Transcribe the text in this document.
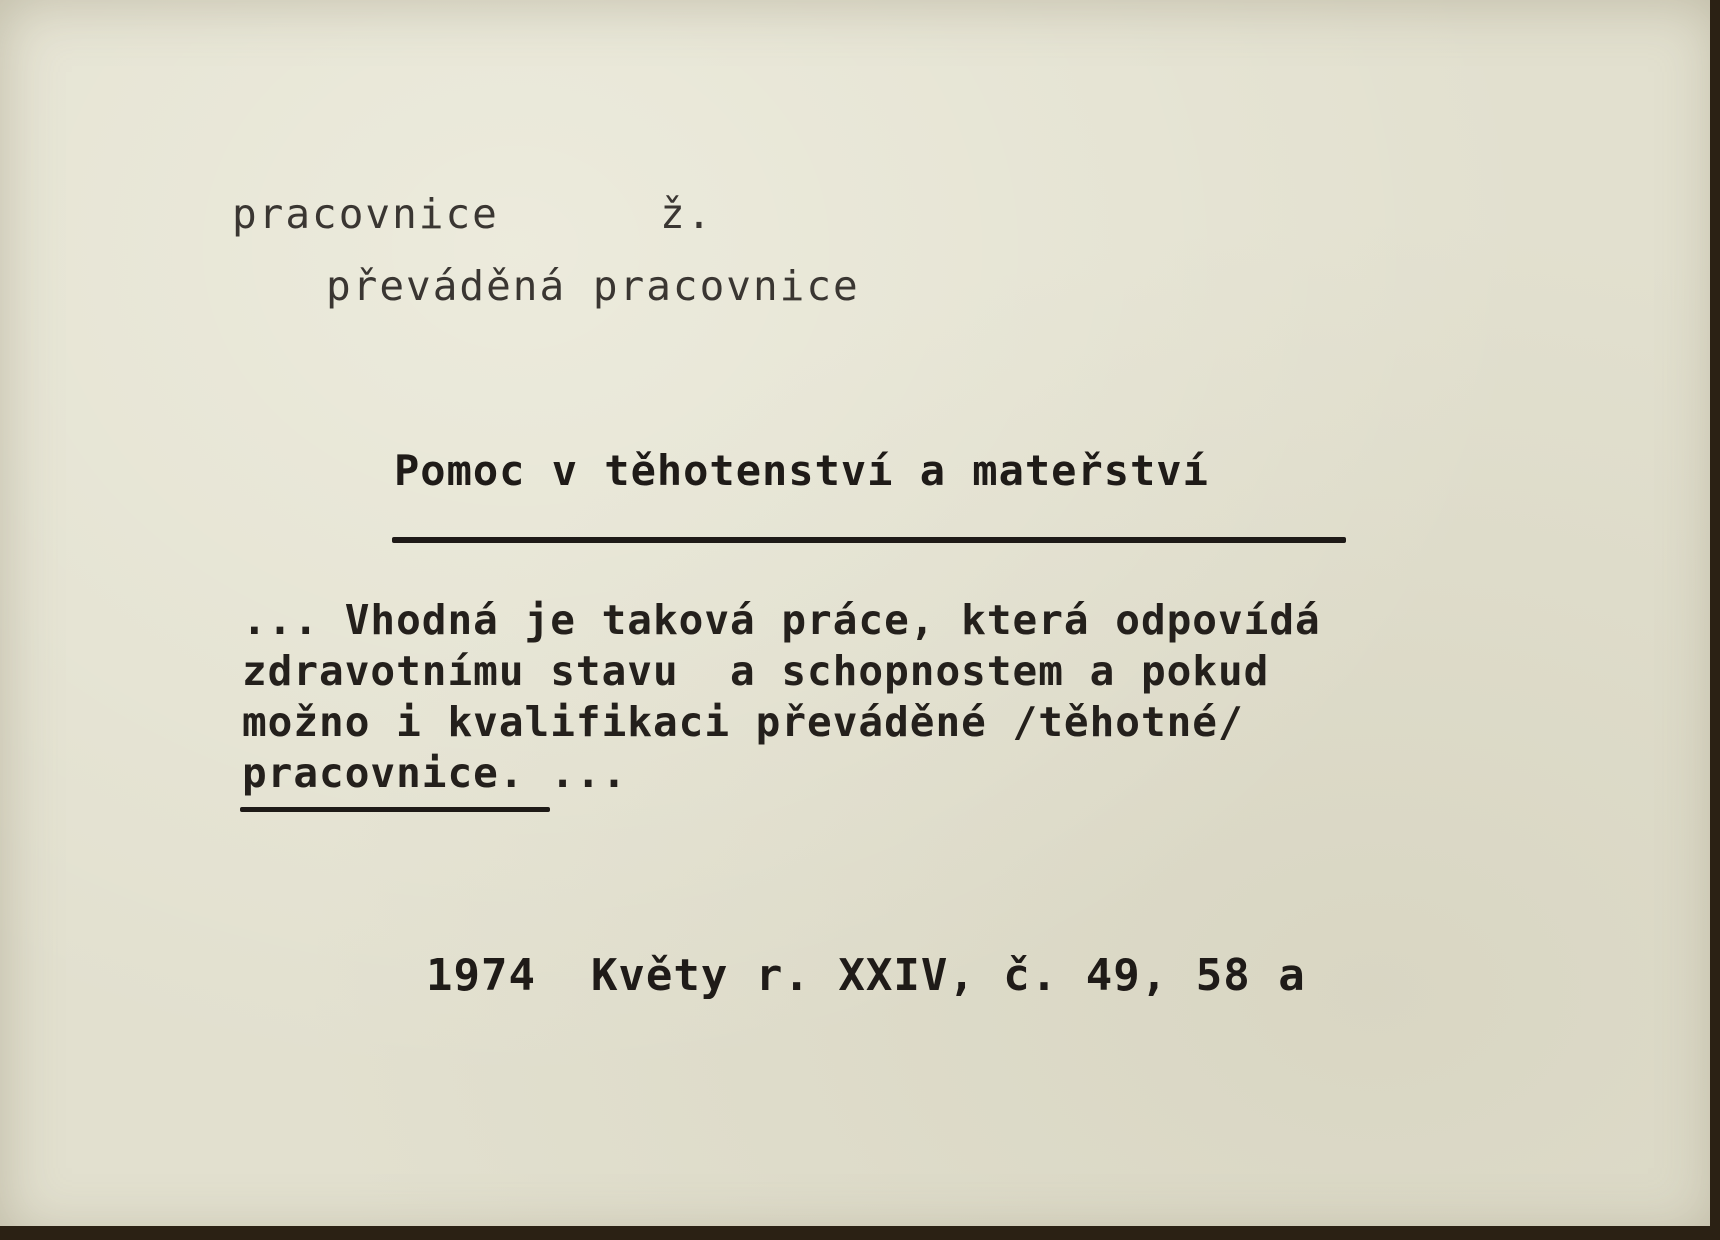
pracovnice	ž.

převáděná pracovnice

Pomoc v těhotenství a mateřství

... Vhodná je taková práce, která odpovídá

zdravotnímu stavu  a schopnostem a pokud

možno i kvalifikaci převáděné /těhotné/

pracovnice. ...

1974  Květy r. XXIV, č. 49, 58 a
